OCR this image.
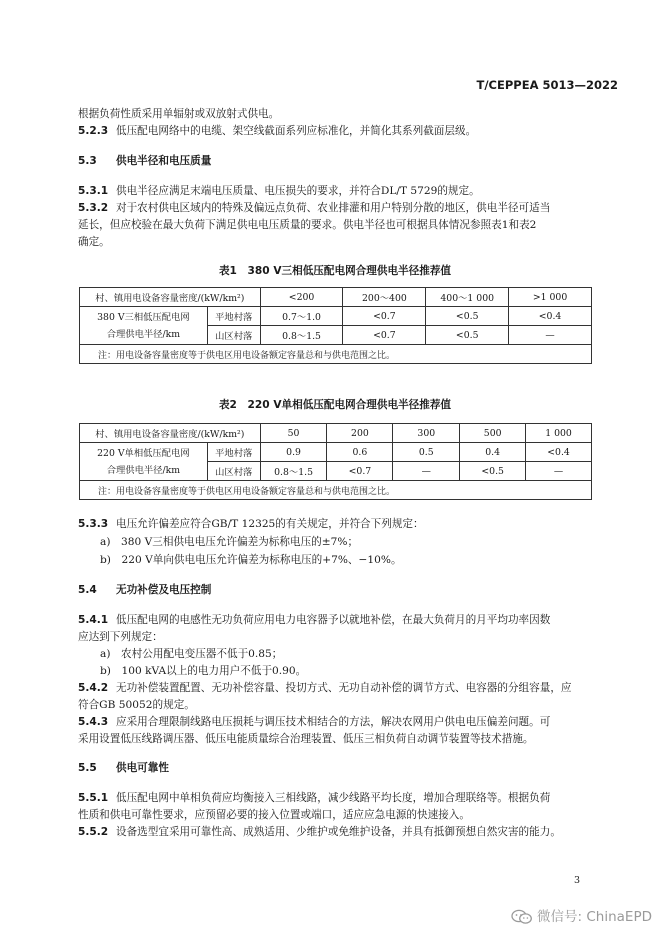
T/CEPPEA 5013—2022
根据负荷性质采用单辐射或双放射式供电。
5.2.3 低压配电网络中的电缆、架空线截面系列应标准化，并简化其系列截面层级。
5.3 供电半径和电压质量
5.3.1 供电半径应满足末端电压质量、电压损失的要求，并符合DL/T 5729的规定。
5.3.2 对于农村供电区域内的特殊及偏远点负荷、农业排灌和用户特别分散的地区，供电半径可适当
延长，但应校验在最大负荷下满足供电电压质量的要求。供电半径也可根据具体情况参照表1和表2
确定。
表1　380 V三相低压配电网合理供电半径推荐值
村、镇用电设备容量密度/(kW/km²)		<200	200～400	400～1 000	>1 000
380 V三相低压配电网
合理供电半径/km	平地村落	0.7～1.0	<0.7	<0.5	<0.4
	山区村落	0.8～1.5	<0.7	<0.5	—
注：用电设备容量密度等于供电区用电设备额定容量总和与供电范围之比。					
表2　220 V单相低压配电网合理供电半径推荐值
村、镇用电设备容量密度/(kW/km²)		50	200	300	500	1 000
220 V单相低压配电网
合理供电半径/km	平地村落	0.9	0.6	0.5	0.4	<0.4
	山区村落	0.8～1.5	<0.7	—	<0.5	—
注：用电设备容量密度等于供电区用电设备额定容量总和与供电范围之比。						
5.3.3 电压允许偏差应符合GB/T 12325的有关规定，并符合下列规定：
a)　380 V三相供电电压允许偏差为标称电压的±7%；
b)　220 V单向供电电压允许偏差为标称电压的+7%、−10%。
5.4 无功补偿及电压控制
5.4.1 低压配电网的电感性无功负荷应用电力电容器予以就地补偿，在最大负荷月的月平均功率因数
应达到下列规定：
a)　农村公用配电变压器不低于0.85；
b)　100 kVA以上的电力用户不低于0.90。
5.4.2 无功补偿装置配置、无功补偿容量、投切方式、无功自动补偿的调节方式、电容器的分组容量，应
符合GB 50052的规定。
5.4.3 应采用合理限制线路电压损耗与调压技术相结合的方法，解决农网用户供电电压偏差问题。可
采用设置低压线路调压器、低压电能质量综合治理装置、低压三相负荷自动调节装置等技术措施。
5.5 供电可靠性
5.5.1 低压配电网中单相负荷应均衡接入三相线路，减少线路平均长度，增加合理联络等。根据负荷
性质和供电可靠性要求，应预留必要的接入位置或端口，适应应急电源的快速接入。
5.5.2 设备选型宜采用可靠性高、成熟适用、少维护或免维护设备，并具有抵御预想自然灾害的能力。
3
微信号: ChinaEPD
